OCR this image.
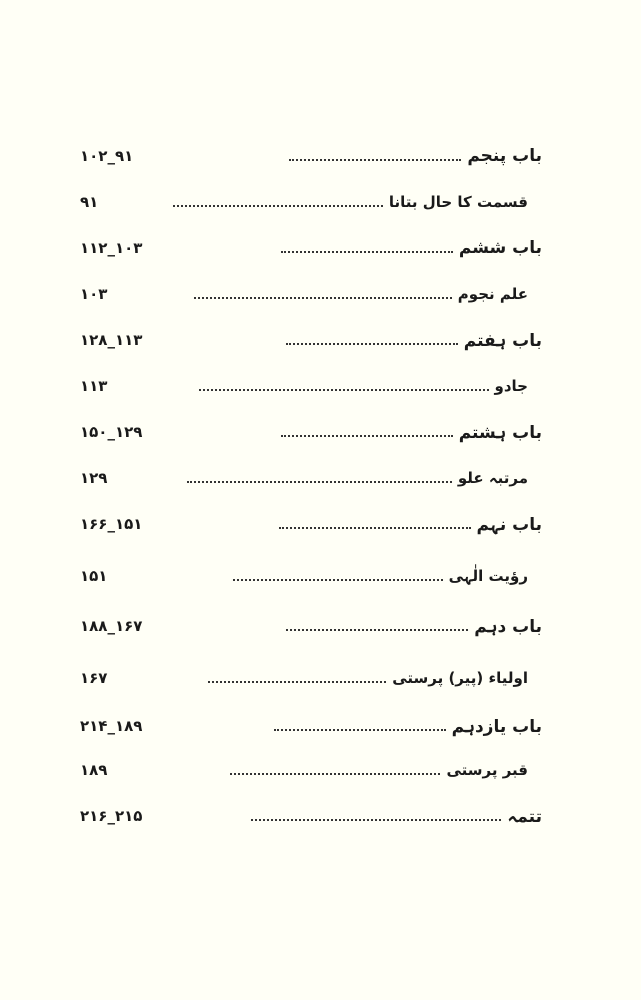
باب پنجم
۱۰۲_۹۱
قسمت کا حال بتانا
۹۱
باب ششم
۱۱۲_۱۰۳
علم نجوم
۱۰۳
باب ہفتم
۱۲۸_۱۱۳
جادو
۱۱۳
باب ہشتم
۱۵۰_۱۲۹
مرتبہ علو
۱۲۹
باب نہم
۱۶۶_۱۵۱
رؤیت الٰہی
۱۵۱
باب دہم
۱۸۸_۱۶۷
اولیاء (پیر) پرستی
۱۶۷
باب یازدہم
۲۱۴_۱۸۹
قبر پرستی
۱۸۹
تتمہ
۲۱۶_۲۱۵
